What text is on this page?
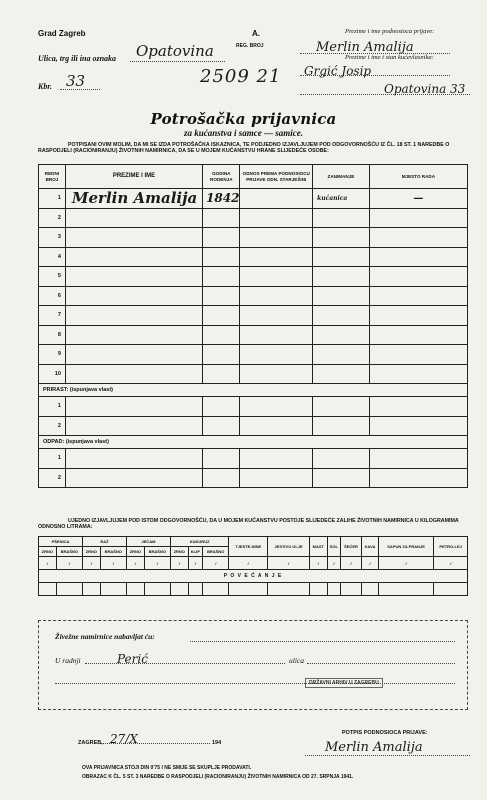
Grad Zagreb	A.
REG. BROJ
Ulica, trg ili ina oznaka	Opatovina
Kbr. 33	2509 21
Prezime i ime podnosioca prijave:
Merlin Amalija
Prezime i ime i stan kućevlasnika:
Grgić Josip
Opatovina 33
Potrošačka prijavnica
za kućanstva i samce — samice.
POTPISANI OVIM MOLIM, DA MI SE IZDA POTROŠAČKA ISKAZNICA, TE PODJEDNO IZJAVLJUJEM POD ODGOVORNOŠĆU IZ ČL. 18 ST. 1 NAREDBE O RASPODJELI (RACIONIRANJU) ŽIVOTNIH NAMIRNICA, DA SE U MOJEM KUĆANSTVU HRANE SLIJEDEĆE OSOBE:
REDNI BROJ	PREZIME I IME	GODINA RODENJA	ODNOS PREMA PODNOSIOCU PRIJAVE ODN. STARJEŠINI	ZANIMANJE	MJESTO RADA
1	Merlin Amalija	1842		kućanica	—
2					
3					
4					
5					
6					
7					
8					
9					
10					
PRIRAST: (ispunjava vlast)					
1					
2					
ODPAD: (ispunjava vlast)					
1					
2					
UJEDNO IZJAVLJUJEM POD ISTOM ODGOVORNOŠĆU, DA U MOJEM KUĆANSTVU POSTOJE SLIJEDEĆE ZALIHE ŽIVOTNIH NAMIRNICA U KILOGRAMIMA ODNOSNO LITRAMA:
PŠENICA		RAŽ		JEČAM		KUKURUZ			TJESTE-NINE	JESTIVO ULJE	MAST	SOL	ŠEĆER	KAVA	SAPUN ZA PRANJE	PETRO-LEJ
ZRNO	BRAŠNO	ZRNO	BRAŠNO	ZRNO	BRAŠNO	ZRNO	KLIP	BRAŠNO								
/	/	/	/	/	/	/	/	/	/	/	/	/	/	/	/	/
P O V E Ć A N J E																

Živežne namirnice nabavljat ću:
U radnji	Perić	ulica
DRŽAVNI ARHIV U ZAGREBU
ZAGREB, 27/X	194
POTPIS PODNOSIOCA PRIJAVE:
Merlin Amalija
OVA PRIJAVNICA STOJI DIN 0'75 I NE SMIJE SE SKUPLJE PRODAVATI.
OBRAZAC K ČL. 5 ST. 3 NAREDBE O RASPODJELI (RACIONIRANJU) ŽIVOTNIH NAMIRNICA OD 27. SRPNJA 1941.
